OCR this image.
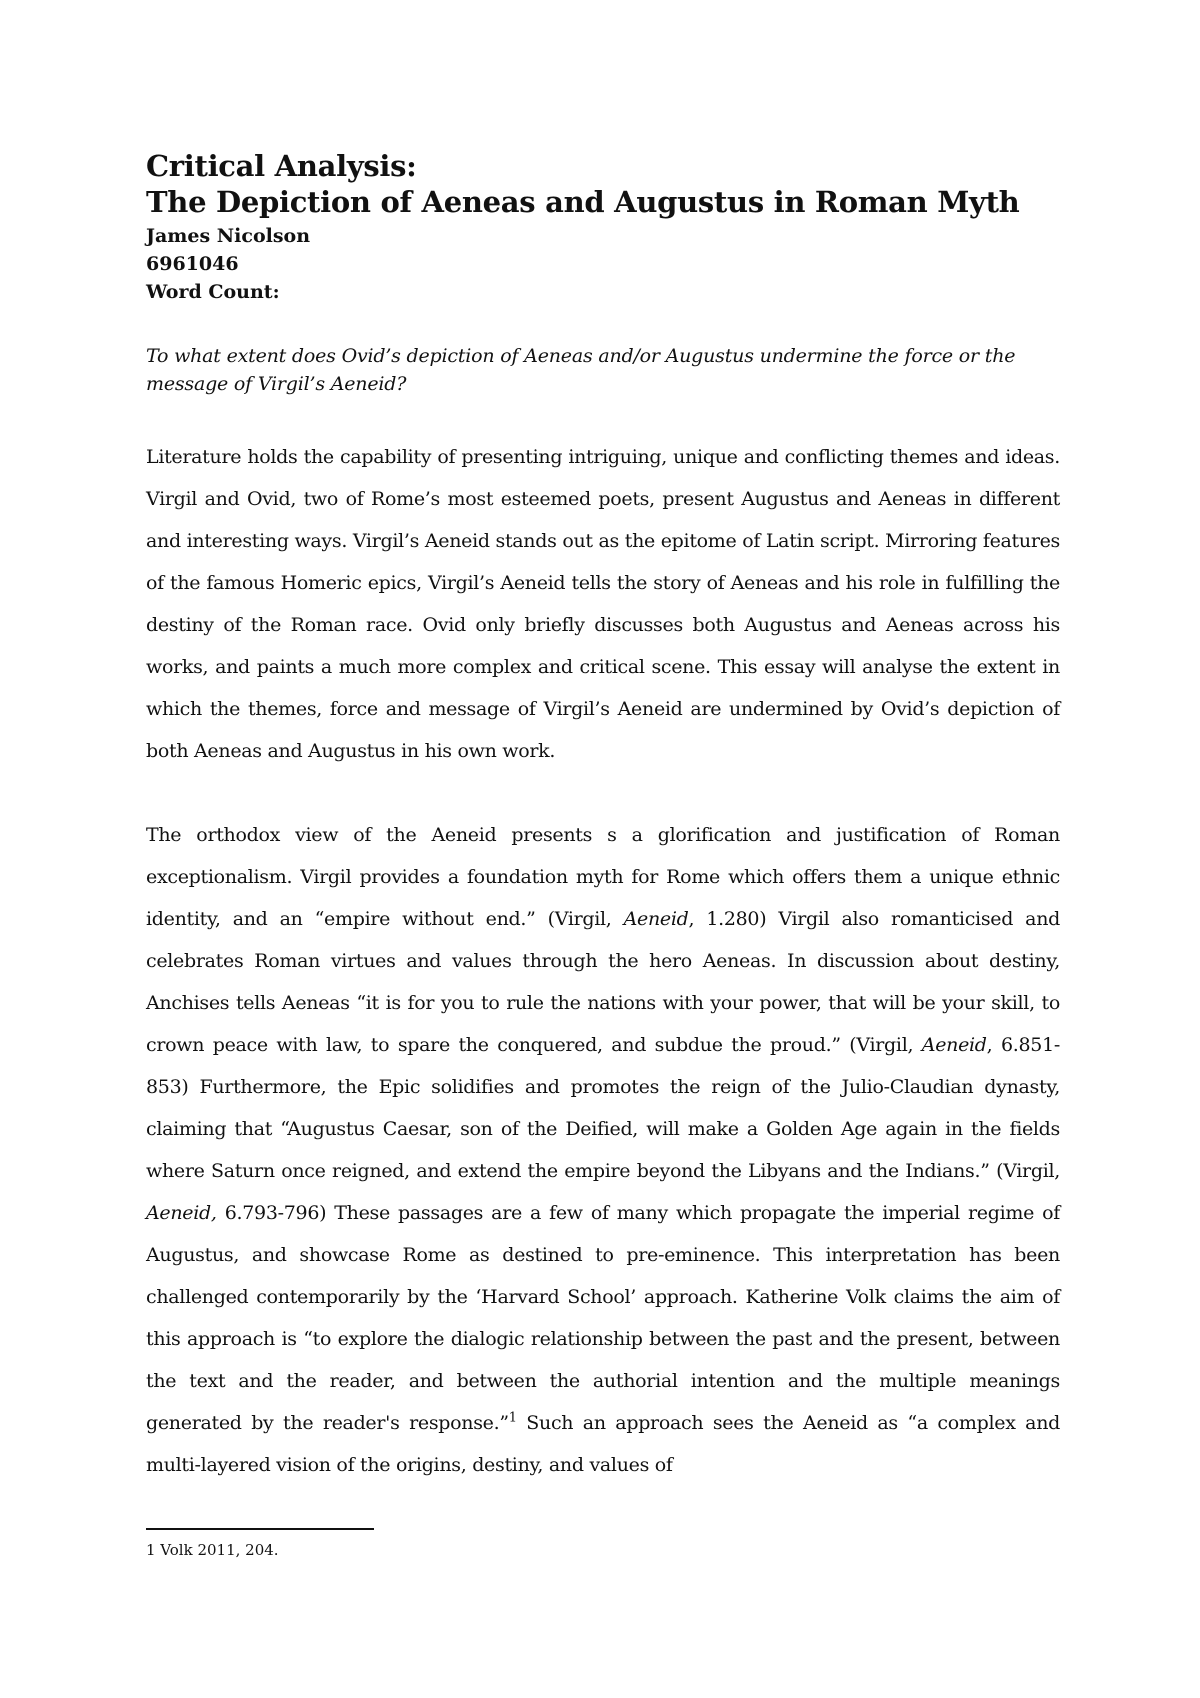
Critical Analysis:
The Depiction of Aeneas and Augustus in Roman Myth

James Nicolson

6961046

Word Count:

To what extent does Ovid’s depiction of Aeneas and/or Augustus undermine the force or the message of Virgil’s Aeneid?

Literature holds the capability of presenting intriguing, unique and conflicting themes and ideas. Virgil and Ovid, two of Rome’s most esteemed poets, present Augustus and Aeneas in different and interesting ways. Virgil’s Aeneid stands out as the epitome of Latin script. Mirroring features of the famous Homeric epics, Virgil’s Aeneid tells the story of Aeneas and his role in fulfilling the destiny of the Roman race. Ovid only briefly discusses both Augustus and Aeneas across his works, and paints a much more complex and critical scene. This essay will analyse the extent in which the themes, force and message of Virgil’s Aeneid are undermined by Ovid’s depiction of both Aeneas and Augustus in his own work.

The orthodox view of the Aeneid presents s a glorification and justification of Roman exceptionalism. Virgil provides a foundation myth for Rome which offers them a unique ethnic identity, and an “empire without end.” (Virgil, Aeneid, 1.280) Virgil also romanticised and celebrates Roman virtues and values through the hero Aeneas. In discussion about destiny, Anchises tells Aeneas “it is for you to rule the nations with your power, that will be your skill, to crown peace with law, to spare the conquered, and subdue the proud.” (Virgil, Aeneid, 6.851-853) Furthermore, the Epic solidifies and promotes the reign of the Julio-Claudian dynasty, claiming that “Augustus Caesar, son of the Deified, will make a Golden Age again in the fields where Saturn once reigned, and extend the empire beyond the Libyans and the Indians.” (Virgil, Aeneid, 6.793-796) These passages are a few of many which propagate the imperial regime of Augustus, and showcase Rome as destined to pre-eminence. This interpretation has been challenged contemporarily by the ‘Harvard School’ approach. Katherine Volk claims the aim of this approach is “to explore the dialogic relationship between the past and the present, between the text and the reader, and between the authorial intention and the multiple meanings generated by the reader's response.”$^1$ Such an approach sees the Aeneid as “a complex and multi-layered vision of the origins, destiny, and values of

1 Volk 2011, 204.
